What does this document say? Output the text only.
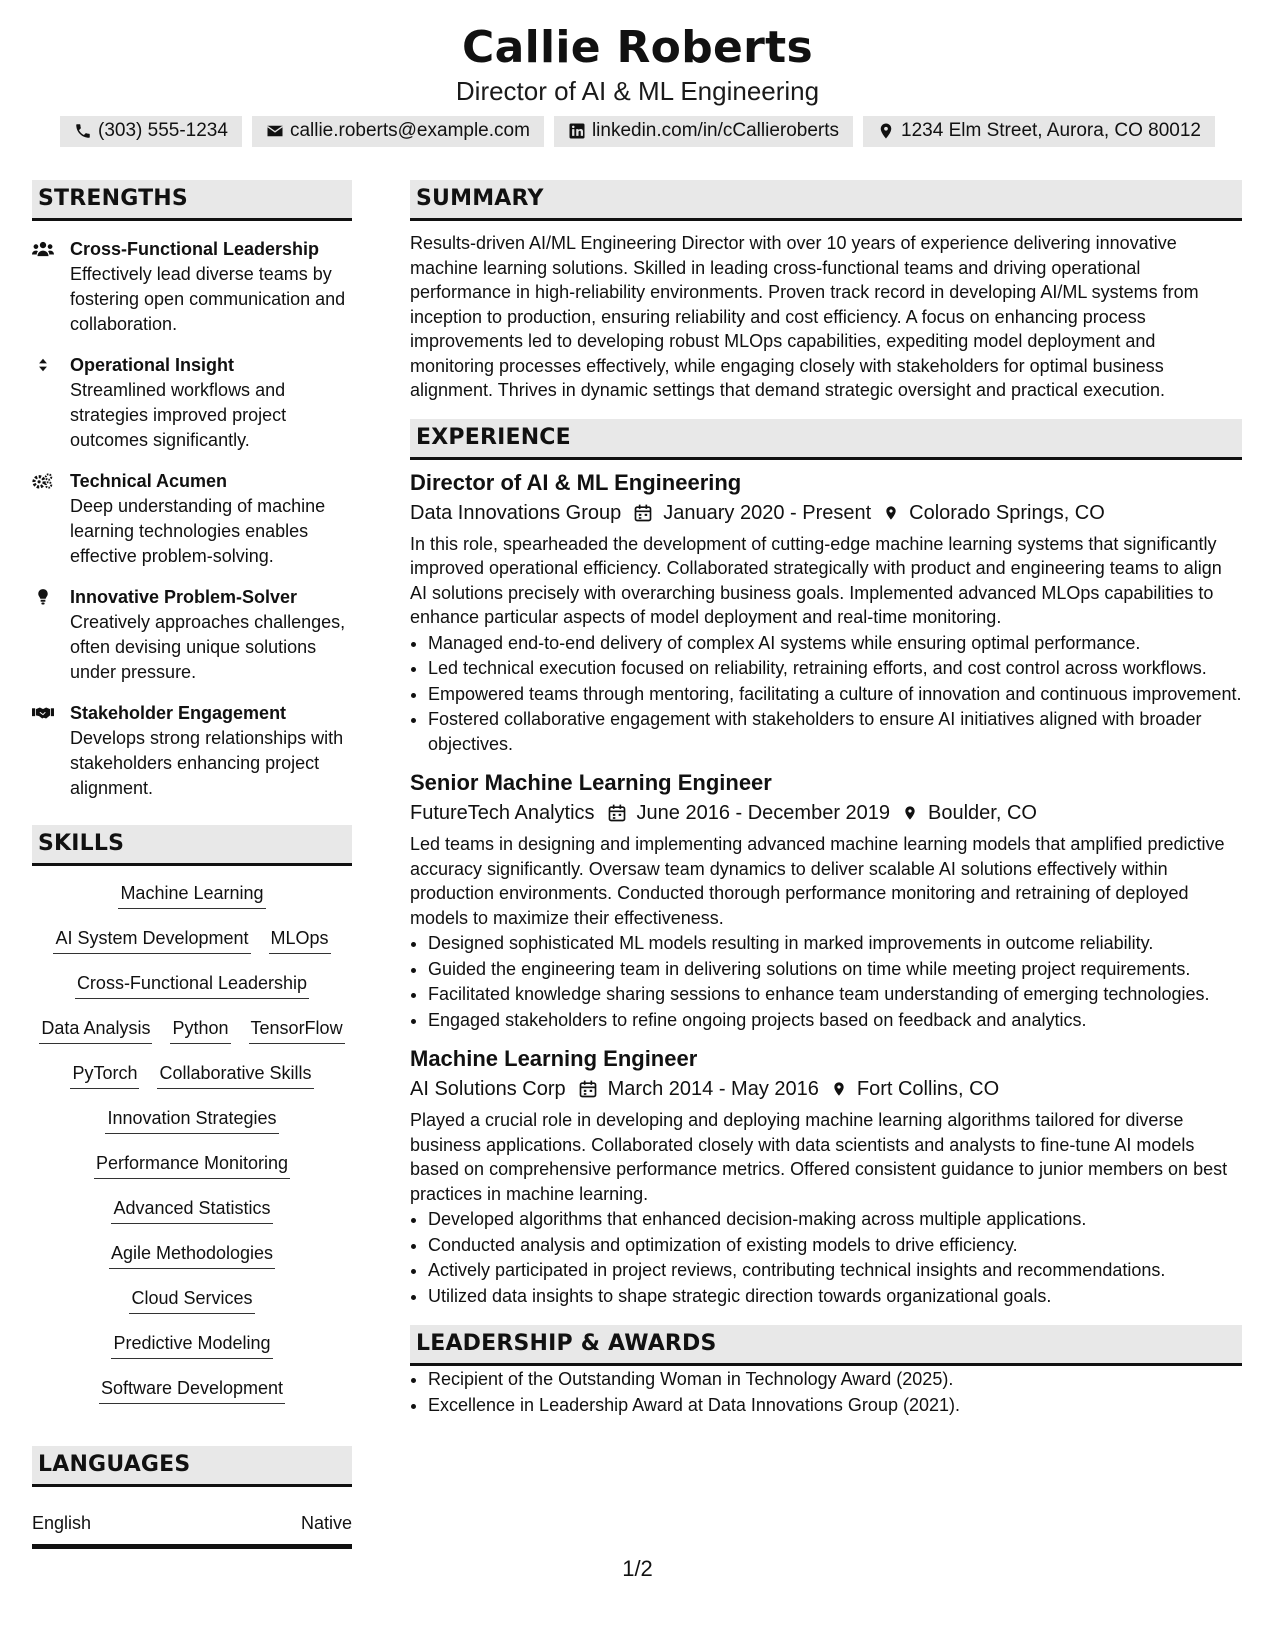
Callie Roberts
Director of AI & ML Engineering
(303) 555-1234	callie.roberts@example.com	linkedin.com/in/cCallieroberts	1234 Elm Street, Aurora, CO 80012
STRENGTHS
Cross-Functional Leadership
Effectively lead diverse teams by fostering open communication and collaboration.
Operational Insight
Streamlined workflows and strategies improved project outcomes significantly.
Technical Acumen
Deep understanding of machine learning technologies enables effective problem-solving.
Innovative Problem-Solver
Creatively approaches challenges, often devising unique solutions under pressure.
Stakeholder Engagement
Develops strong relationships with stakeholders enhancing project alignment.
SKILLS
Machine Learning
AI System Development MLOps
Cross-Functional Leadership
Data Analysis Python TensorFlow
PyTorch Collaborative Skills
Innovation Strategies
Performance Monitoring
Advanced Statistics
Agile Methodologies
Cloud Services
Predictive Modeling
Software Development
LANGUAGES
English	Native
SUMMARY
Results-driven AI/ML Engineering Director with over 10 years of experience delivering innovative machine learning solutions. Skilled in leading cross-functional teams and driving operational performance in high-reliability environments. Proven track record in developing AI/ML systems from inception to production, ensuring reliability and cost efficiency. A focus on enhancing process improvements led to developing robust MLOps capabilities, expediting model deployment and monitoring processes effectively, while engaging closely with stakeholders for optimal business alignment. Thrives in dynamic settings that demand strategic oversight and practical execution.
EXPERIENCE
Director of AI & ML Engineering
Data Innovations Group January 2020 - Present Colorado Springs, CO
In this role, spearheaded the development of cutting-edge machine learning systems that significantly improved operational efficiency. Collaborated strategically with product and engineering teams to align AI solutions precisely with overarching business goals. Implemented advanced MLOps capabilities to enhance particular aspects of model deployment and real-time monitoring.
• Managed end-to-end delivery of complex AI systems while ensuring optimal performance.
• Led technical execution focused on reliability, retraining efforts, and cost control across workflows.
• Empowered teams through mentoring, facilitating a culture of innovation and continuous improvement.
• Fostered collaborative engagement with stakeholders to ensure AI initiatives aligned with broader objectives.
Senior Machine Learning Engineer
FutureTech Analytics June 2016 - December 2019 Boulder, CO
Led teams in designing and implementing advanced machine learning models that amplified predictive accuracy significantly. Oversaw team dynamics to deliver scalable AI solutions effectively within production environments. Conducted thorough performance monitoring and retraining of deployed models to maximize their effectiveness.
• Designed sophisticated ML models resulting in marked improvements in outcome reliability.
• Guided the engineering team in delivering solutions on time while meeting project requirements.
• Facilitated knowledge sharing sessions to enhance team understanding of emerging technologies.
• Engaged stakeholders to refine ongoing projects based on feedback and analytics.
Machine Learning Engineer
AI Solutions Corp March 2014 - May 2016 Fort Collins, CO
Played a crucial role in developing and deploying machine learning algorithms tailored for diverse business applications. Collaborated closely with data scientists and analysts to fine-tune AI models based on comprehensive performance metrics. Offered consistent guidance to junior members on best practices in machine learning.
• Developed algorithms that enhanced decision-making across multiple applications.
• Conducted analysis and optimization of existing models to drive efficiency.
• Actively participated in project reviews, contributing technical insights and recommendations.
• Utilized data insights to shape strategic direction towards organizational goals.
LEADERSHIP & AWARDS
• Recipient of the Outstanding Woman in Technology Award (2025).
• Excellence in Leadership Award at Data Innovations Group (2021).
1/2
